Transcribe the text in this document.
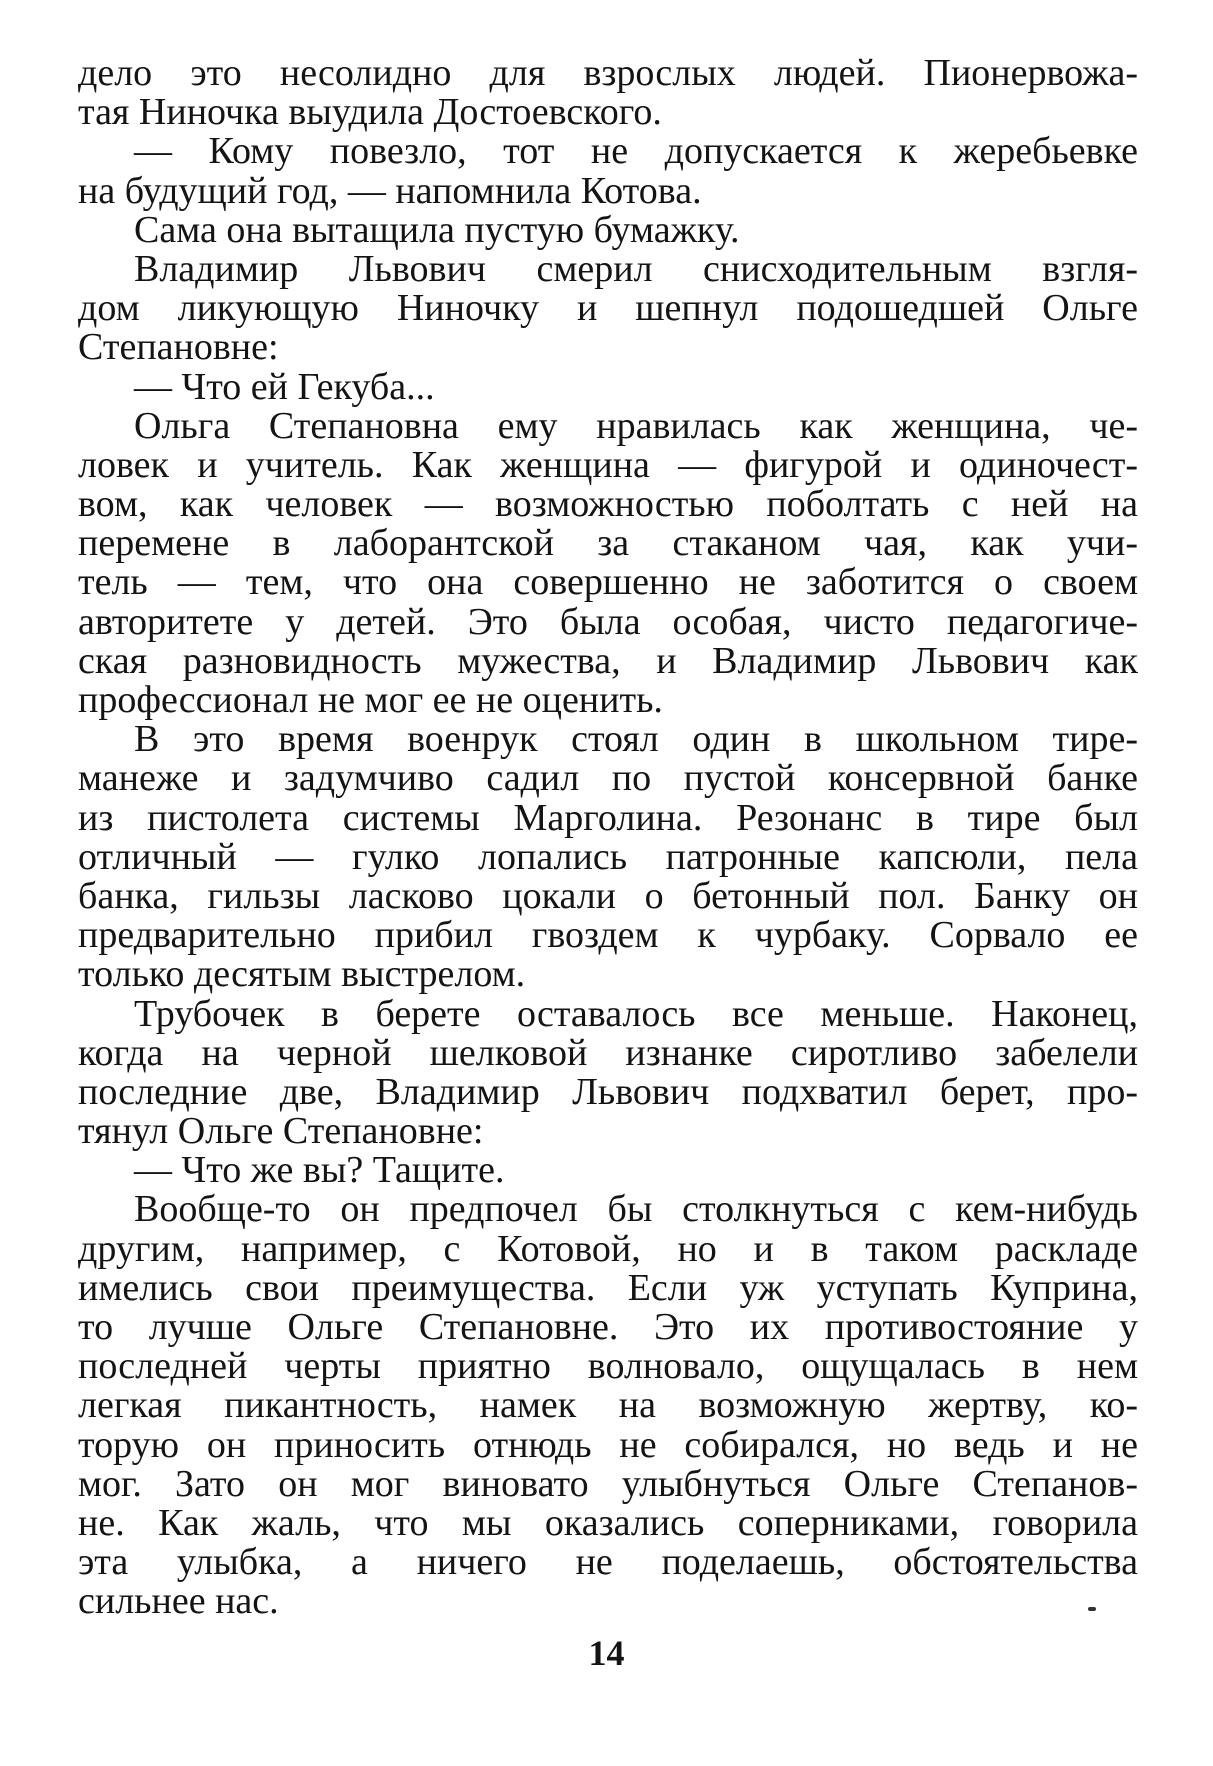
дело это несолидно для взрослых людей. Пионервожа-
тая Ниночка выудила Достоевского.
— Кому повезло, тот не допускается к жеребьевке
на будущий год, — напомнила Котова.
Сама она вытащила пустую бумажку.
Владимир Львович смерил снисходительным взгля-
дом ликующую Ниночку и шепнул подошедшей Ольге
Степановне:
— Что ей Гекуба...
Ольга Степановна ему нравилась как женщина, че-
ловек и учитель. Как женщина — фигурой и одиночест-
вом, как человек — возможностью поболтать с ней на
перемене в лаборантской за стаканом чая, как учи-
тель — тем, что она совершенно не заботится о своем
авторитете у детей. Это была особая, чисто педагогиче-
ская разновидность мужества, и Владимир Львович как
профессионал не мог ее не оценить.
В это время военрук стоял один в школьном тире-
манеже и задумчиво садил по пустой консервной банке
из пистолета системы Марголина. Резонанс в тире был
отличный — гулко лопались патронные капсюли, пела
банка, гильзы ласково цокали о бетонный пол. Банку он
предварительно прибил гвоздем к чурбаку. Сорвало ее
только десятым выстрелом.
Трубочек в берете оставалось все меньше. Наконец,
когда на черной шелковой изнанке сиротливо забелели
последние две, Владимир Львович подхватил берет, про-
тянул Ольге Степановне:
— Что же вы? Тащите.
Вообще-то он предпочел бы столкнуться с кем-нибудь
другим, например, с Котовой, но и в таком раскладе
имелись свои преимущества. Если уж уступать Куприна,
то лучше Ольге Степановне. Это их противостояние у
последней черты приятно волновало, ощущалась в нем
легкая пикантность, намек на возможную жертву, ко-
торую он приносить отнюдь не собирался, но ведь и не
мог. Зато он мог виновато улыбнуться Ольге Степанов-
не. Как жаль, что мы оказались соперниками, говорила
эта улыбка, а ничего не поделаешь, обстоятельства
сильнее нас.
14
